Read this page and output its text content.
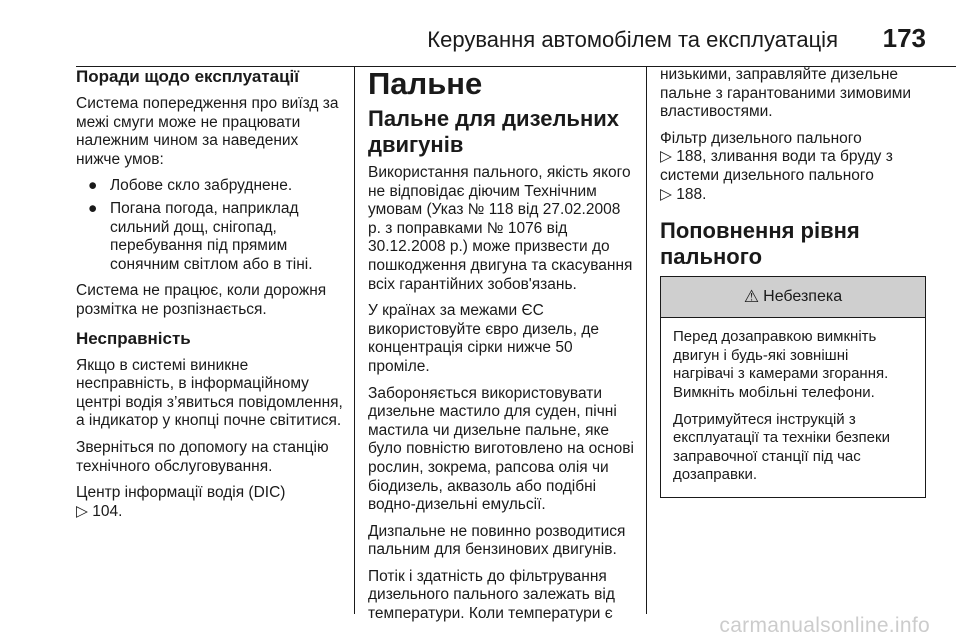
Керування автомобілем та експлуатація 173
Поради щодо експлуатації

Система попередження про виїзд за межі смуги може не працювати належним чином за наведених нижче умов:

● Лобове скло забруднене.
● Погана погода, наприклад сильний дощ, снігопад, перебування під прямим сонячним світлом або в тіні.

Система не працює, коли дорожня розмітка не розпізнається.

Несправність

Якщо в системі виникне несправність, в інформаційному центрі водія з’явиться повідомлення, а індикатор у кнопці почне світитися.

Зверніться по допомогу на станцію технічного обслуговування.

Центр інформації водія (DIC)
▷ 104.

Пальне
Пальне для дизельних двигунів

Використання пального, якість якого не відповідає діючим Технічним умовам (Указ № 118 від 27.02.2008 р. з поправками № 1076 від 30.12.2008 р.) може призвести до пошкодження двигуна та скасування всіх гарантійних зобов'язань.

У країнах за межами ЄС використовуйте євро дизель, де концентрація сірки нижче 50 проміле.

Забороняється використовувати дизельне мастило для суден, пічні мастила чи дизельне пальне, яке було повністю виготовлено на основі рослин, зокрема, рапсова олія чи біодизель, аквазоль або подібні водно-дизельні емульсії.

Дизпальне не повинно розводитися пальним для бензинових двигунів.

Потік і здатність до фільтрування дизельного пального залежать від температури. Коли температури є

низькими, заправляйте дизельне пальне з гарантованими зимовими властивостями.

Фільтр дизельного пального
▷ 188, зливання води та бруду з системи дизельного пального
▷ 188.

Поповнення рівня пального
⚠ Небезпека

Перед дозаправкою вимкніть двигун і будь-які зовнішні нагрівачі з камерами згорання. Вимкніть мобільні телефони.

Дотримуйтеся інструкцій з експлуатації та техніки безпеки заправочної станції під час дозаправки.

carmanualsonline.info
